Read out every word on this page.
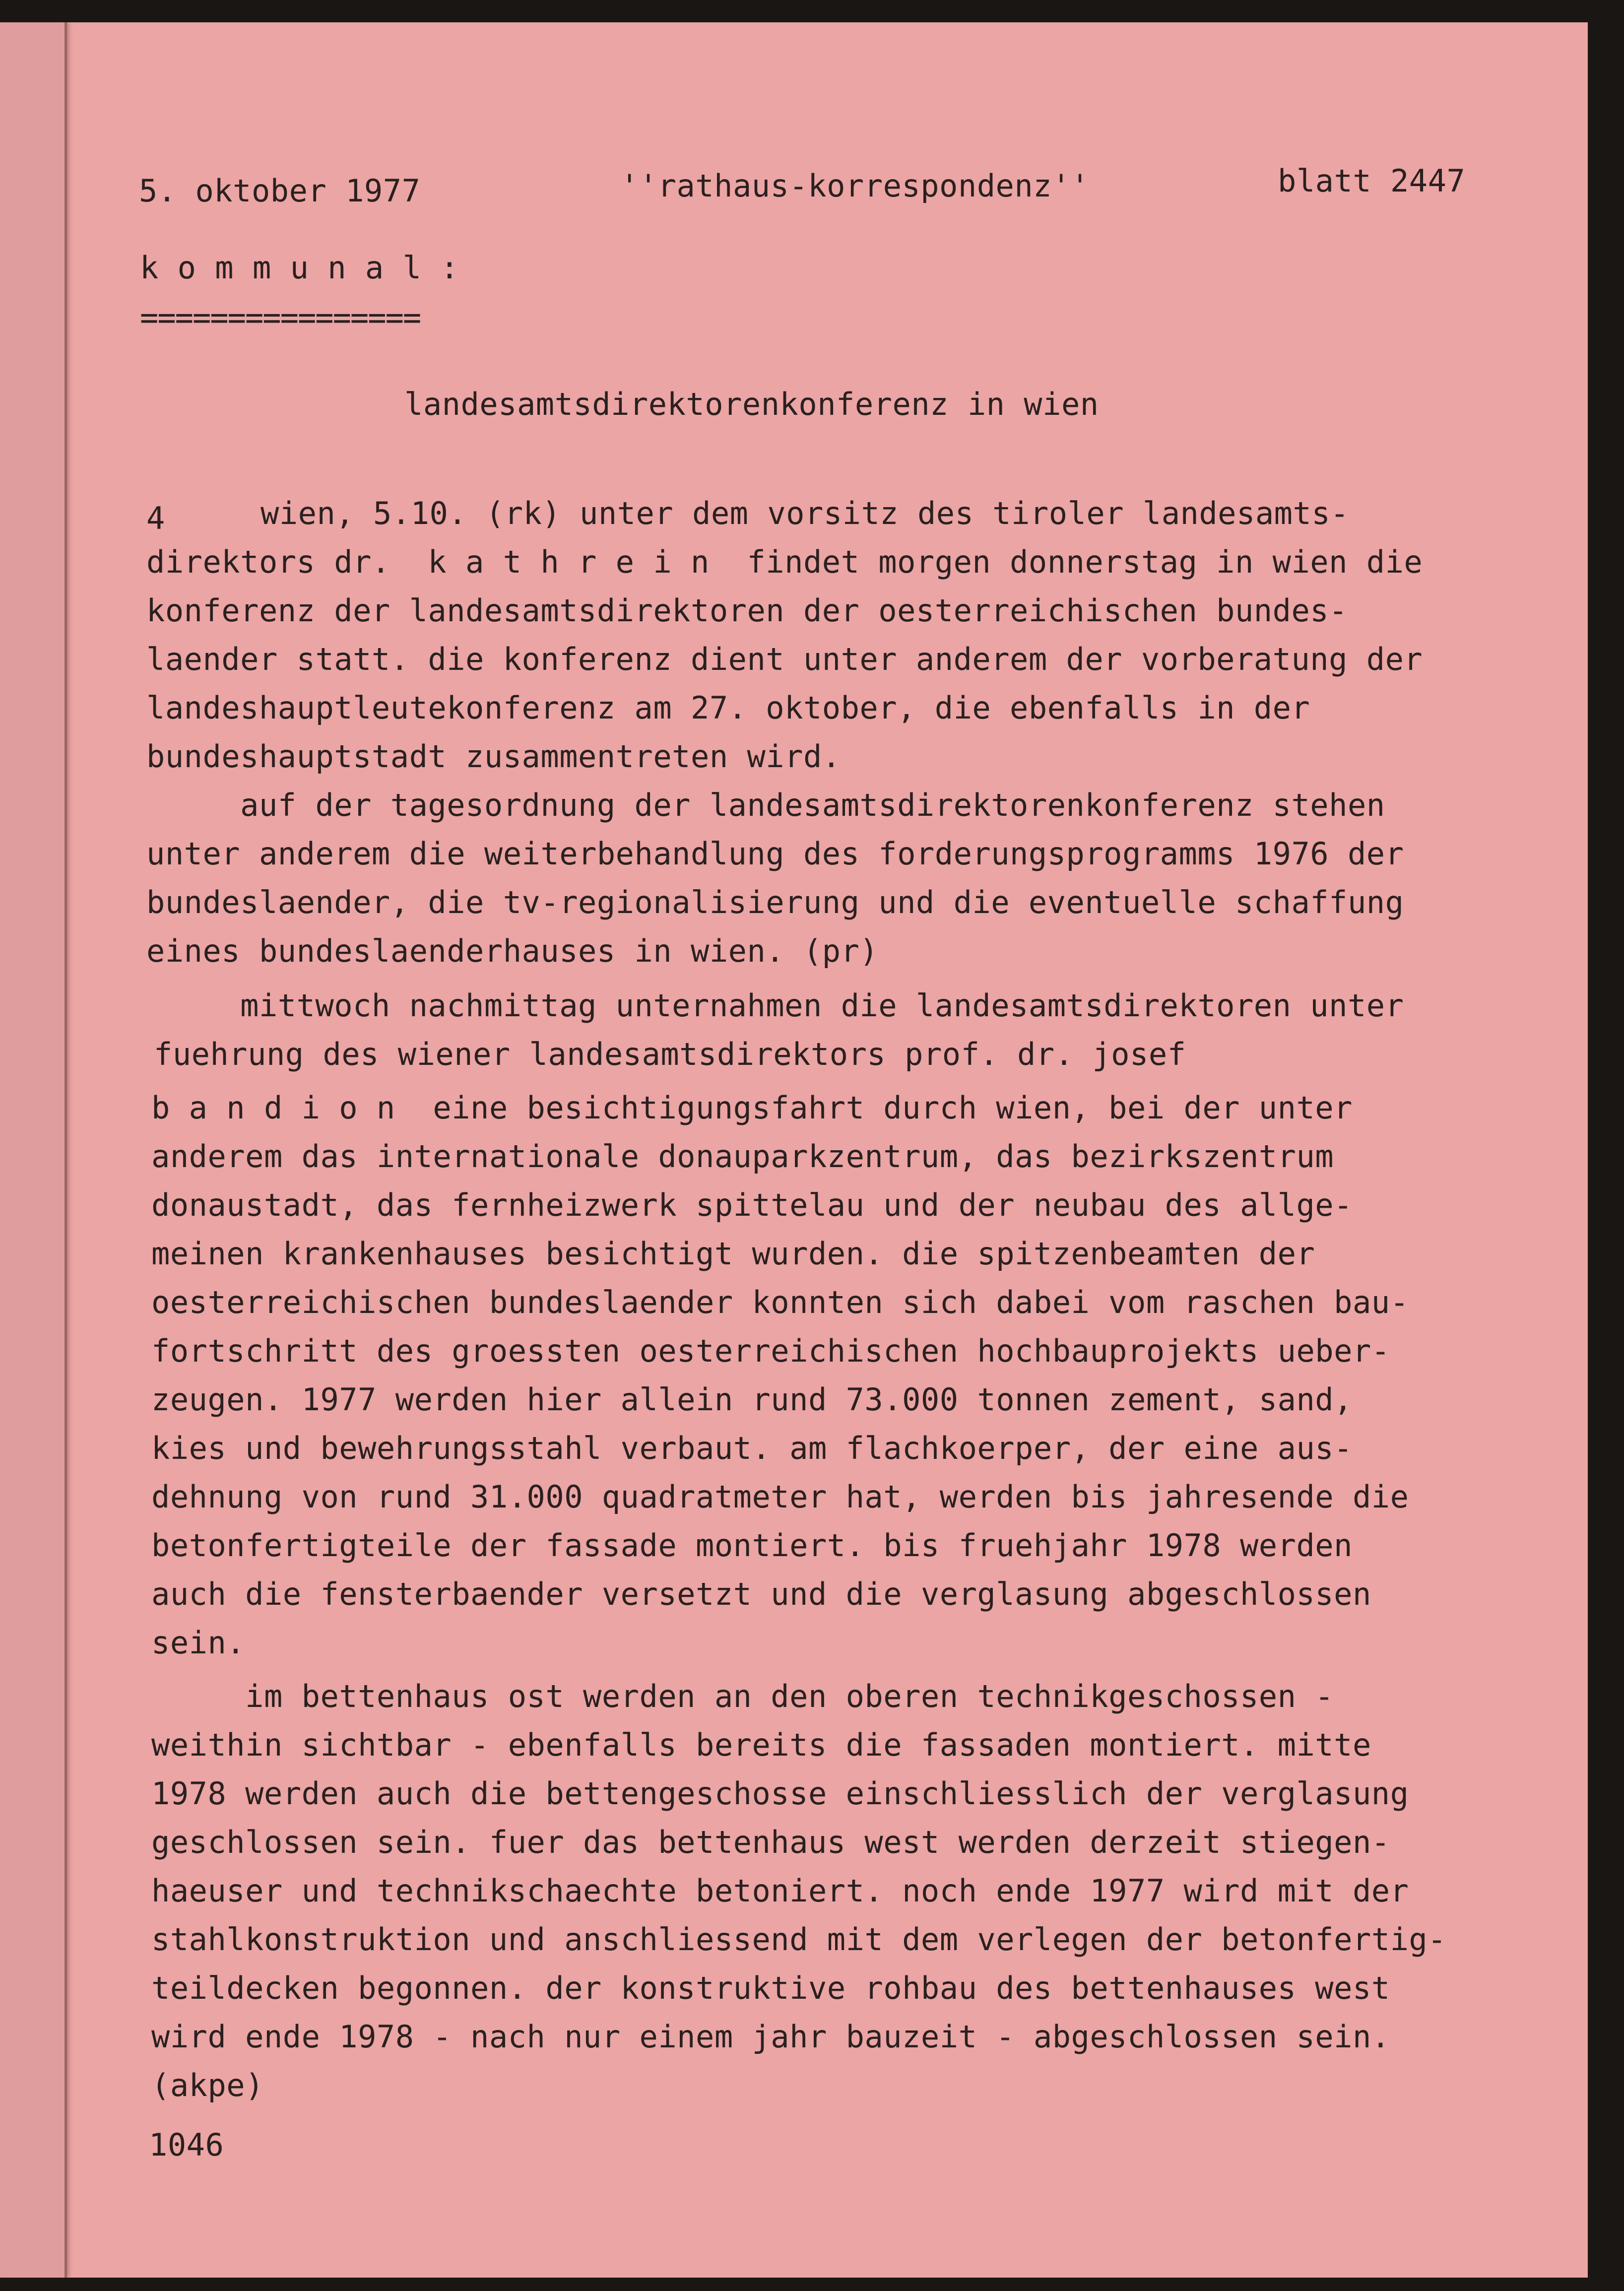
5. oktober 1977	''rathaus-korrespondenz''	blatt 2447
k o m m u n a l :
================
landesamtsdirektorenkonferenz in wien
4	wien, 5.10. (rk) unter dem vorsitz des tiroler landesamts-
direktors dr.  k a t h r e i n  findet morgen donnerstag in wien die
konferenz der landesamtsdirektoren der oesterreichischen bundes-
laender statt. die konferenz dient unter anderem der vorberatung der
landeshauptleutekonferenz am 27. oktober, die ebenfalls in der
bundeshauptstadt zusammentreten wird.
auf der tagesordnung der landesamtsdirektorenkonferenz stehen
unter anderem die weiterbehandlung des forderungsprogramms 1976 der
bundeslaender, die tv-regionalisierung und die eventuelle schaffung
eines bundeslaenderhauses in wien. (pr)
mittwoch nachmittag unternahmen die landesamtsdirektoren unter
fuehrung des wiener landesamtsdirektors prof. dr. josef
b a n d i o n  eine besichtigungsfahrt durch wien, bei der unter
anderem das internationale donauparkzentrum, das bezirkszentrum
donaustadt, das fernheizwerk spittelau und der neubau des allge-
meinen krankenhauses besichtigt wurden. die spitzenbeamten der
oesterreichischen bundeslaender konnten sich dabei vom raschen bau-
fortschritt des groessten oesterreichischen hochbauprojekts ueber-
zeugen. 1977 werden hier allein rund 73.000 tonnen zement, sand,
kies und bewehrungsstahl verbaut. am flachkoerper, der eine aus-
dehnung von rund 31.000 quadratmeter hat, werden bis jahresende die
betonfertigteile der fassade montiert. bis fruehjahr 1978 werden
auch die fensterbaender versetzt und die verglasung abgeschlossen
sein.
im bettenhaus ost werden an den oberen technikgeschossen -
weithin sichtbar - ebenfalls bereits die fassaden montiert. mitte
1978 werden auch die bettengeschosse einschliesslich der verglasung
geschlossen sein. fuer das bettenhaus west werden derzeit stiegen-
haeuser und technikschaechte betoniert. noch ende 1977 wird mit der
stahlkonstruktion und anschliessend mit dem verlegen der betonfertig-
teildecken begonnen. der konstruktive rohbau des bettenhauses west
wird ende 1978 - nach nur einem jahr bauzeit - abgeschlossen sein.
(akpe)
1046
